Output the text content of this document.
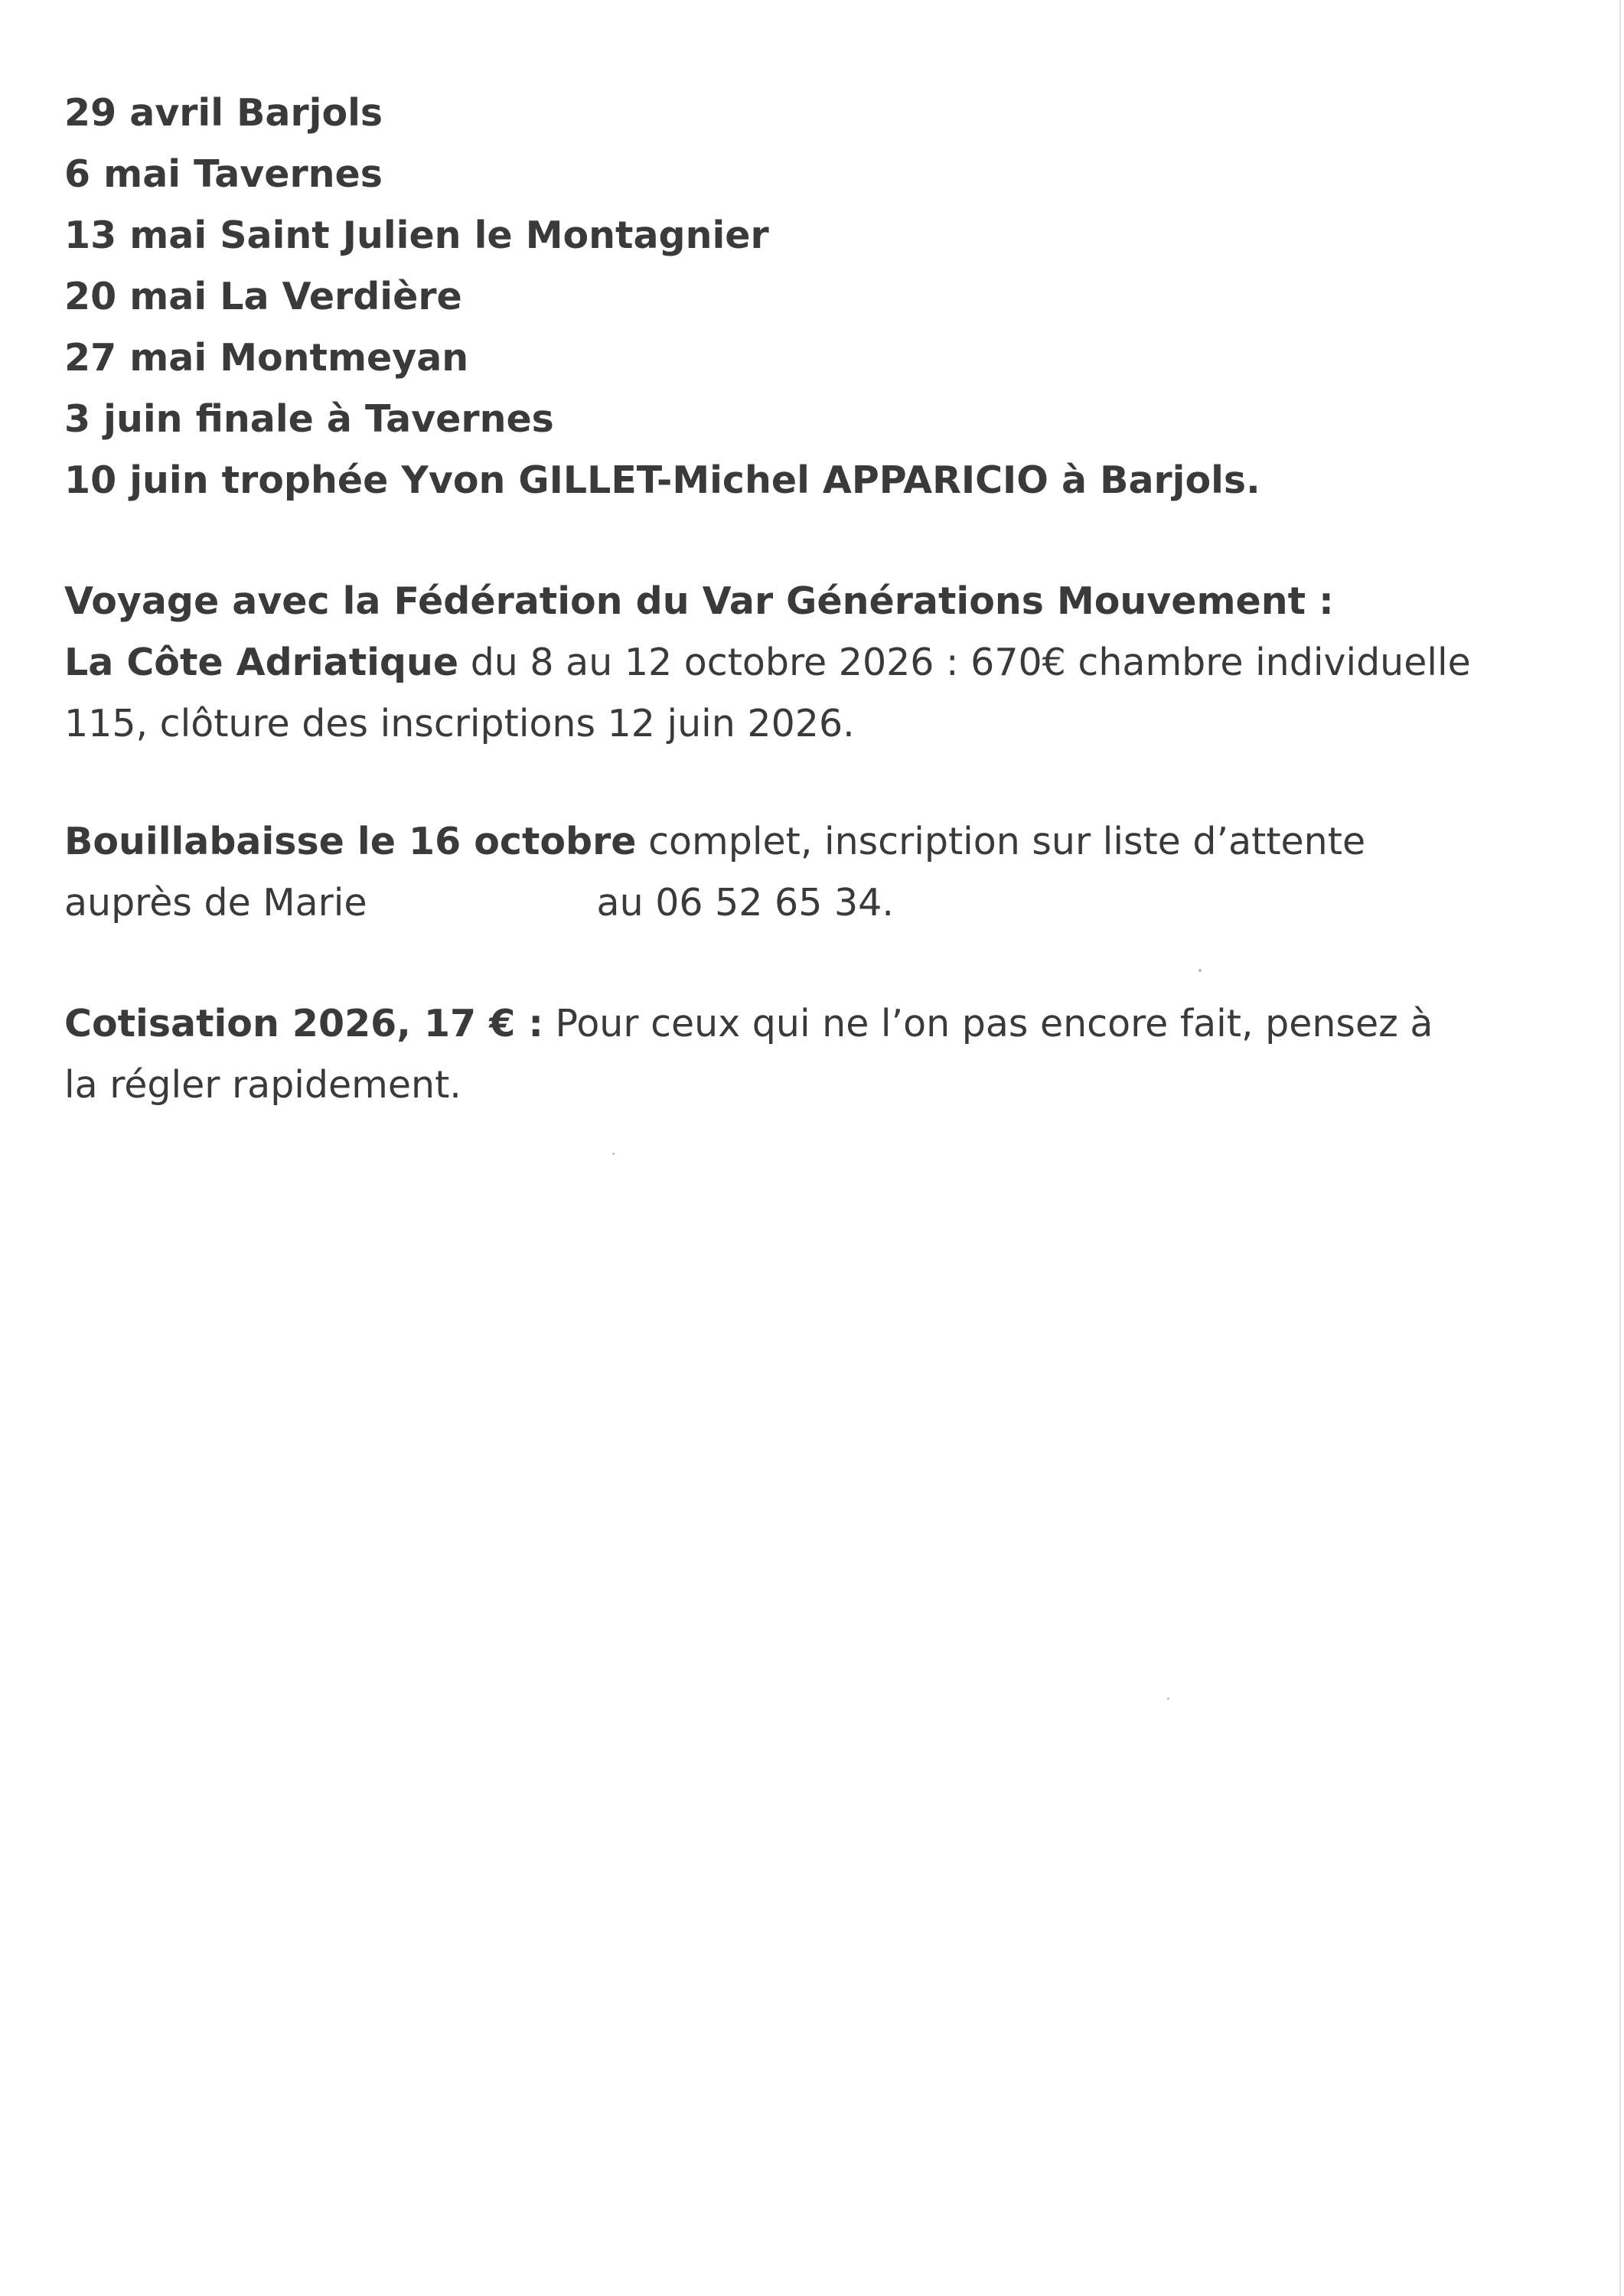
29 avril Barjols
6 mai Tavernes
13 mai Saint Julien le Montagnier
20 mai La Verdière
27 mai Montmeyan
3 juin finale à Tavernes
10 juin trophée Yvon GILLET-Michel APPARICIO à Barjols.
Voyage avec la Fédération du Var Générations Mouvement :
La Côte Adriatique du 8 au 12 octobre 2026 : 670€ chambre individuelle
115, clôture des inscriptions 12 juin 2026.
Bouillabaisse le 16 octobre complet, inscription sur liste d’attente
auprès de Marie	au 06 52 65 34.
Cotisation 2026, 17 € : Pour ceux qui ne l’on pas encore fait, pensez à
la régler rapidement.
